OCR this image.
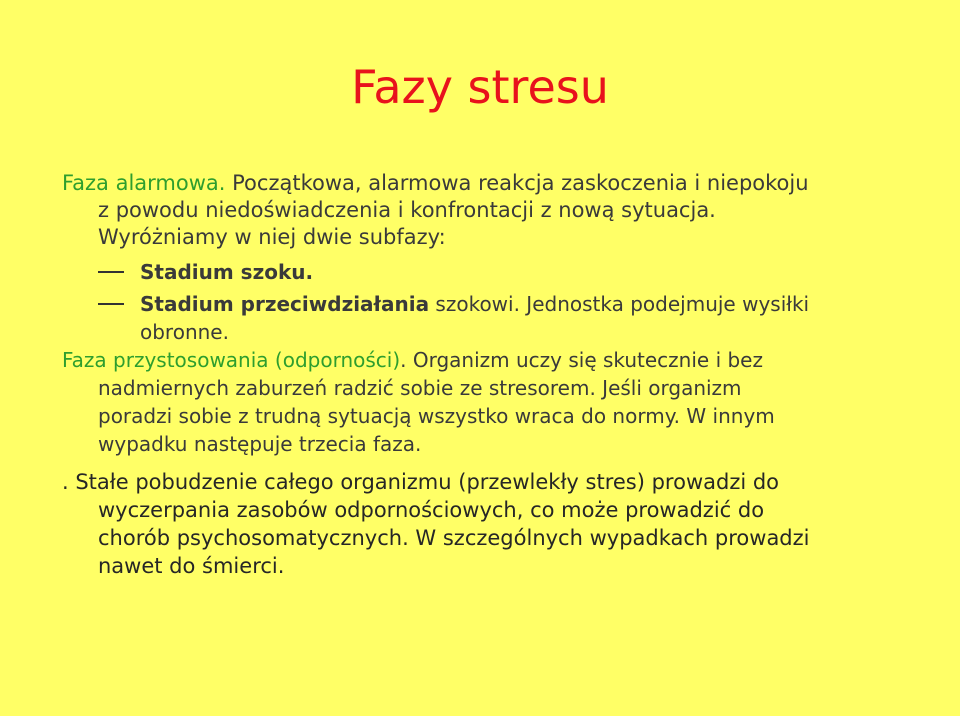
Fazy stresu

Faza alarmowa. Początkowa, alarmowa reakcja zaskoczenia i niepokoju
z powodu niedoświadczenia i konfrontacji z nową sytuacja.
Wyróżniamy w niej dwie subfazy:

Stadium szoku.
Stadium przeciwdziałania szokowi. Jednostka podejmuje wysiłki
obronne.

Faza przystosowania (odporności). Organizm uczy się skutecznie i bez
nadmiernych zaburzeń radzić sobie ze stresorem. Jeśli organizm
poradzi sobie z trudną sytuacją wszystko wraca do normy. W innym
wypadku następuje trzecia faza.

. Stałe pobudzenie całego organizmu (przewlekły stres) prowadzi do
wyczerpania zasobów odpornościowych, co może prowadzić do
chorób psychosomatycznych. W szczególnych wypadkach prowadzi
nawet do śmierci.
